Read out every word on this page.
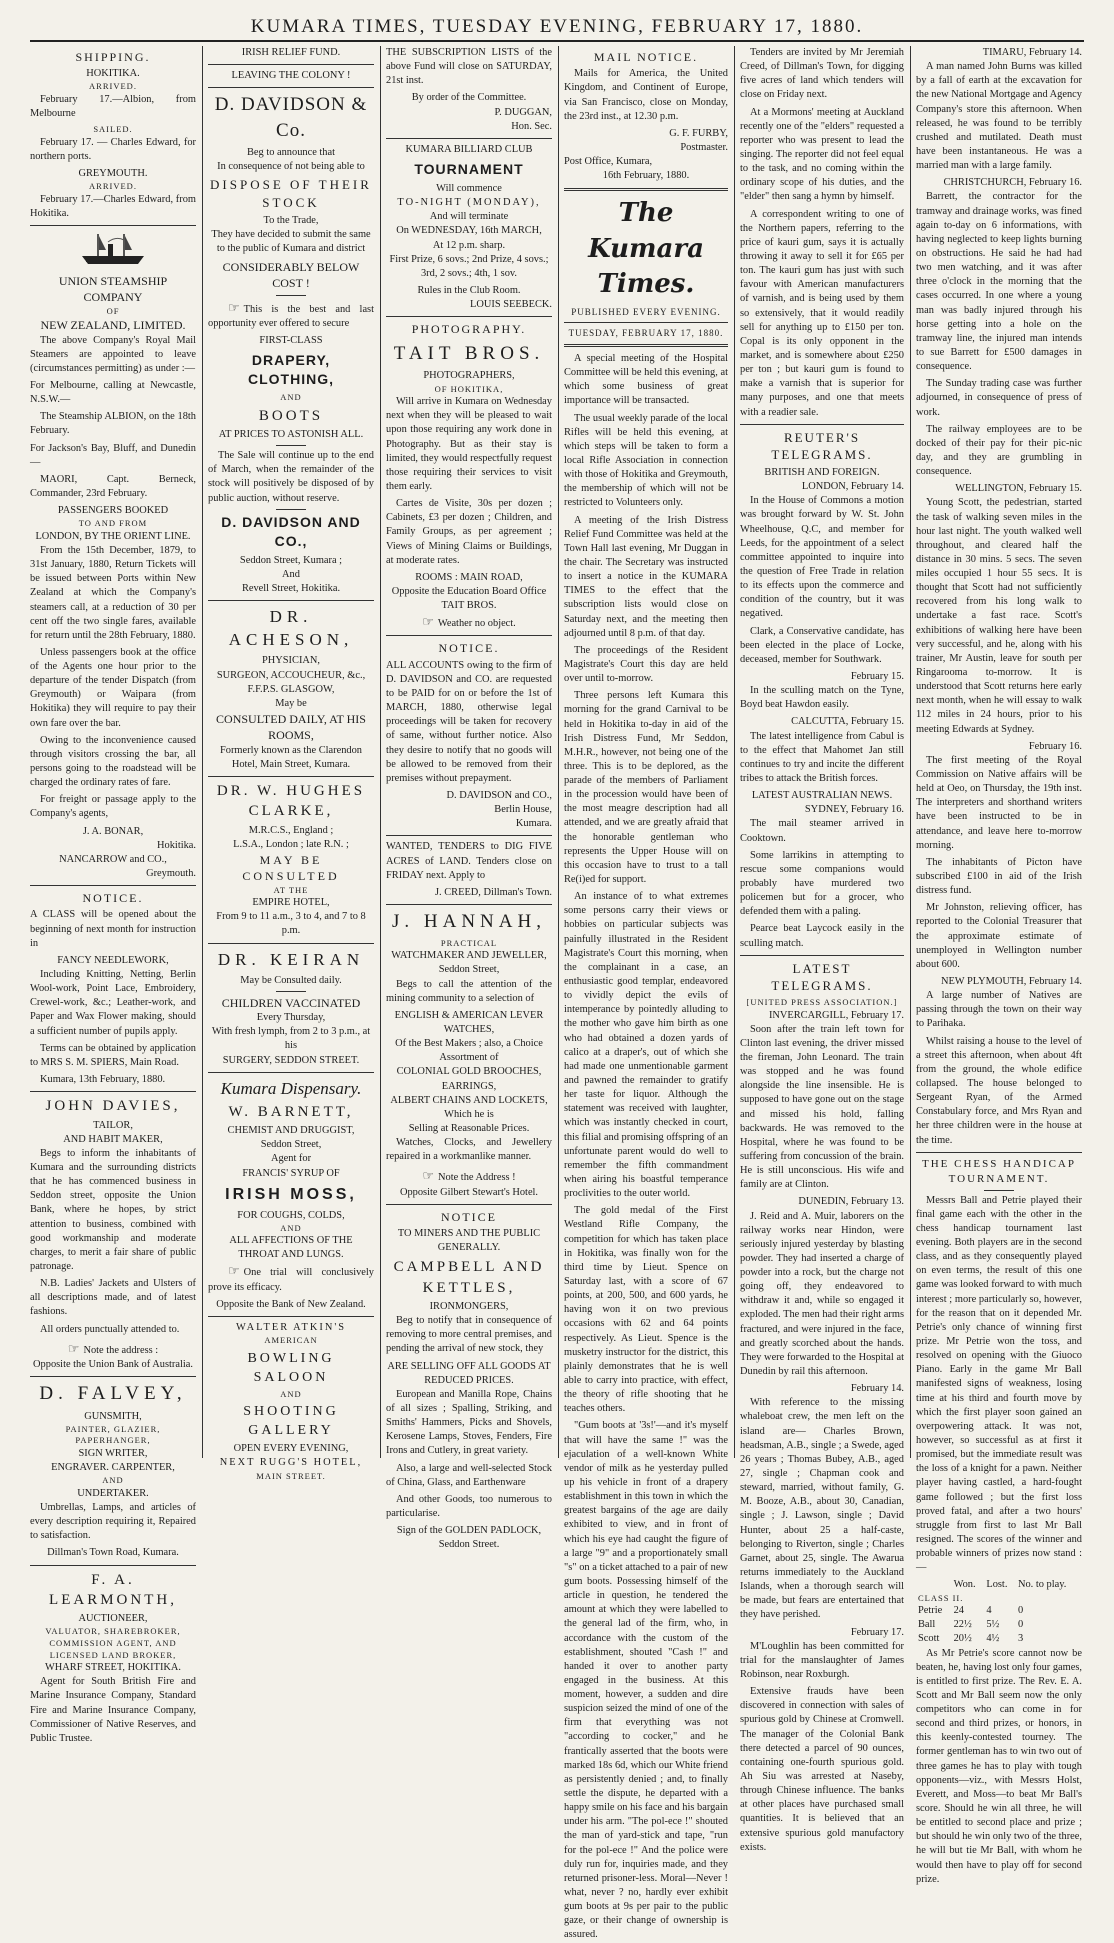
KUMARA TIMES, TUESDAY EVENING, FEBRUARY 17, 1880.
SHIPPING.
HOKITIKA.
ARRIVED.

February 17.—Albion, from Melbourne

SAILED.

February 17. — Charles Edward, for northern ports.

GREYMOUTH.
ARRIVED.

February 17.—Charles Edward, from Hokitika.

UNION STEAMSHIP COMPANY
OF
NEW ZEALAND, LIMITED.

The above Company's Royal Mail Steamers are appointed to leave (circumstances permitting) as under :—

For Melbourne, calling at Newcastle, N.S.W.—

The Steamship ALBION, on the 18th February.

For Jackson's Bay, Bluff, and Dunedin—

MAORI, Capt. Berneck, Commander, 23rd February.

PASSENGERS BOOKED
TO AND FROM
LONDON, BY THE ORIENT LINE.

From the 15th December, 1879, to 31st January, 1880, Return Tickets will be issued between Ports within New Zealand at which the Company's steamers call, at a reduction of 30 per cent off the two single fares, available for return until the 28th February, 1880.

Unless passengers book at the office of the Agents one hour prior to the departure of the tender Dispatch (from Greymouth) or Waipara (from Hokitika) they will require to pay their own fare over the bar.

Owing to the inconvenience caused through visitors crossing the bar, all persons going to the roadstead will be charged the ordinary rates of fare.

For freight or passage apply to the Company's agents,

J. A. BONAR,
Hokitika.
NANCARROW and CO.,
Greymouth.
NOTICE.

A CLASS will be opened about the beginning of next month for instruction in

FANCY NEEDLEWORK,

Including Knitting, Netting, Berlin Wool-work, Point Lace, Embroidery, Crewel-work, &c.; Leather-work, and Paper and Wax Flower making, should a sufficient number of pupils apply.

Terms can be obtained by application to MRS S. M. SPIERS, Main Road.

Kumara, 13th February, 1880.

JOHN DAVIES,
TAILOR,
AND HABIT MAKER,

Begs to inform the inhabitants of Kumara and the surrounding districts that he has commenced business in Seddon street, opposite the Union Bank, where he hopes, by strict attention to business, combined with good workmanship and moderate charges, to merit a fair share of public patronage.

N.B. Ladies' Jackets and Ulsters of all descriptions made, and of latest fashions.

All orders punctually attended to.

☞ Note the address :
Opposite the Union Bank of Australia.
D. FALVEY,
GUNSMITH,
PAINTER, GLAZIER, PAPERHANGER,
SIGN WRITER,
ENGRAVER. CARPENTER,
AND
UNDERTAKER.

Umbrellas, Lamps, and articles of every description requiring it, Repaired to satisfaction.

Dillman's Town Road, Kumara.
F. A. LEARMONTH,
AUCTIONEER,
VALUATOR, SHAREBROKER, COMMISSION AGENT, AND
LICENSED LAND BROKER,
WHARF STREET, HOKITIKA.

Agent for South British Fire and Marine Insurance Company, Standard Fire and Marine Insurance Company, Commissioner of Native Reserves, and Public Trustee.

IRISH RELIEF FUND.
LEAVING THE COLONY !
D. DAVIDSON & Co.
Beg to announce that
In consequence of not being able to
DISPOSE OF THEIR STOCK
To the Trade,

They have decided to submit the same to the public of Kumara and district

CONSIDERABLY BELOW COST !

☞ This is the best and last opportunity ever offered to secure

FIRST-CLASS
DRAPERY, CLOTHING,
AND
BOOTS
AT PRICES TO ASTONISH ALL.

The Sale will continue up to the end of March, when the remainder of the stock will positively be disposed of by public auction, without reserve.

D. DAVIDSON AND CO.,
Seddon Street, Kumara ;
And
Revell Street, Hokitika.
DR. ACHESON,
PHYSICIAN,
SURGEON, ACCOUCHEUR, &c.,
F.F.P.S. GLASGOW,
May be
CONSULTED DAILY, AT HIS ROOMS,

Formerly known as the Clarendon Hotel, Main Street, Kumara.

DR. W. HUGHES CLARKE,
M.R.C.S., England ;
L.S.A., London ; late R.N. ;
MAY BE CONSULTED
AT THE
EMPIRE HOTEL,
From 9 to 11 a.m., 3 to 4, and 7 to 8 p.m.
DR. KEIRAN
May be Consulted daily.
CHILDREN VACCINATED
Every Thursday,
With fresh lymph, from 2 to 3 p.m., at his
SURGERY, SEDDON STREET.
Kumara Dispensary.
W. BARNETT,
CHEMIST AND DRUGGIST,
Seddon Street,
Agent for
FRANCIS' SYRUP OF
IRISH MOSS,
FOR COUGHS, COLDS,
AND
ALL AFFECTIONS OF THE THROAT AND LUNGS.

☞ One trial will conclusively prove its efficacy.

Opposite the Bank of New Zealand.
WALTER ATKIN'S
AMERICAN
BOWLING SALOON
AND
SHOOTING GALLERY
OPEN EVERY EVENING,
NEXT RUGG'S HOTEL,
MAIN STREET.

THE SUBSCRIPTION LISTS of the above Fund will close on SATURDAY, 21st inst.

By order of the Committee.
P. DUGGAN,
Hon. Sec.
KUMARA BILLIARD CLUB
TOURNAMENT
Will commence
TO-NIGHT (MONDAY),
And will terminate
On WEDNESDAY, 16th MARCH,
At 12 p.m. sharp.

First Prize, 6 sovs.; 2nd Prize, 4 sovs.; 3rd, 2 sovs.; 4th, 1 sov.

Rules in the Club Room.
LOUIS SEEBECK.
PHOTOGRAPHY.
TAIT BROS.
PHOTOGRAPHERS,
OF HOKITIKA,

Will arrive in Kumara on Wednesday next when they will be pleased to wait upon those requiring any work done in Photography. But as their stay is limited, they would respectfully request those requiring their services to visit them early.

Cartes de Visite, 30s per dozen ; Cabinets, £3 per dozen ; Children, and Family Groups, as per agreement ; Views of Mining Claims or Buildings, at moderate rates.

ROOMS : MAIN ROAD,
Opposite the Education Board Office
TAIT BROS.
☞ Weather no object.
NOTICE.

ALL ACCOUNTS owing to the firm of D. DAVIDSON and CO. are requested to be PAID for on or before the 1st of MARCH, 1880, otherwise legal proceedings will be taken for recovery of same, without further notice. Also they desire to notify that no goods will be allowed to be removed from their premises without prepayment.

D. DAVIDSON and CO.,
Berlin House,
Kumara.

WANTED, TENDERS to DIG FIVE ACRES of LAND. Tenders close on FRIDAY next. Apply to

J. CREED, Dillman's Town.
J. HANNAH,
PRACTICAL
WATCHMAKER AND JEWELLER,
Seddon Street,

Begs to call the attention of the mining community to a selection of

ENGLISH & AMERICAN LEVER WATCHES,
Of the Best Makers ; also, a Choice Assortment of
COLONIAL GOLD BROOCHES, EARRINGS,
ALBERT CHAINS AND LOCKETS,
Which he is
Selling at Reasonable Prices.

Watches, Clocks, and Jewellery repaired in a workmanlike manner.

☞ Note the Address !
Opposite Gilbert Stewart's Hotel.
NOTICE
TO MINERS AND THE PUBLIC GENERALLY.
CAMPBELL AND KETTLES,
IRONMONGERS,

Beg to notify that in consequence of removing to more central premises, and pending the arrival of new stock, they

ARE SELLING OFF ALL GOODS AT REDUCED PRICES.

European and Manilla Rope, Chains of all sizes ; Spalling, Striking, and Smiths' Hammers, Picks and Shovels, Kerosene Lamps, Stoves, Fenders, Fire Irons and Cutlery, in great variety.

Also, a large and well-selected Stock of China, Glass, and Earthenware

And other Goods, too numerous to particularise.

Sign of the GOLDEN PADLOCK, Seddon Street.
MAIL NOTICE.

Mails for America, the United Kingdom, and Continent of Europe, via San Francisco, close on Monday, the 23rd inst., at 12.30 p.m.

G. F. FURBY,
Postmaster.
Post Office, Kumara,
16th February, 1880.
The Kumara Times.
PUBLISHED EVERY EVENING.
TUESDAY, FEBRUARY 17, 1880.

A special meeting of the Hospital Committee will be held this evening, at which some business of great importance will be transacted.

The usual weekly parade of the local Rifles will be held this evening, at which steps will be taken to form a local Rifle Association in connection with those of Hokitika and Greymouth, the membership of which will not be restricted to Volunteers only.

A meeting of the Irish Distress Relief Fund Committee was held at the Town Hall last evening, Mr Duggan in the chair. The Secretary was instructed to insert a notice in the KUMARA TIMES to the effect that the subscription lists would close on Saturday next, and the meeting then adjourned until 8 p.m. of that day.

The proceedings of the Resident Magistrate's Court this day are held over until to-morrow.

Three persons left Kumara this morning for the grand Carnival to be held in Hokitika to-day in aid of the Irish Distress Fund, Mr Seddon, M.H.R., however, not being one of the three. This is to be deplored, as the parade of the members of Parliament in the procession would have been of the most meagre description had all attended, and we are greatly afraid that the honorable gentleman who represents the Upper House will on this occasion have to trust to a tall Re(i)ed for support.

An instance of to what extremes some persons carry their views or hobbies on particular subjects was painfully illustrated in the Resident Magistrate's Court this morning, when the complainant in a case, an enthusiastic good templar, endeavored to vividly depict the evils of intemperance by pointedly alluding to the mother who gave him birth as one who had obtained a dozen yards of calico at a draper's, out of which she had made one unmentionable garment and pawned the remainder to gratify her taste for liquor. Although the statement was received with laughter, which was instantly checked in court, this filial and promising offspring of an unfortunate parent would do well to remember the fifth commandment when airing his boastful temperance proclivities to the outer world.

The gold medal of the First Westland Rifle Company, the competition for which has taken place in Hokitika, was finally won for the third time by Lieut. Spence on Saturday last, with a score of 67 points, at 200, 500, and 600 yards, he having won it on two previous occasions with 62 and 64 points respectively. As Lieut. Spence is the musketry instructor for the district, this plainly demonstrates that he is well able to carry into practice, with effect, the theory of rifle shooting that he teaches others.

"Gum boots at '3s!'—and it's myself that will have the same !" was the ejaculation of a well-known White vendor of milk as he yesterday pulled up his vehicle in front of a drapery establishment in this town in which the greatest bargains of the age are daily exhibited to view, and in front of which his eye had caught the figure of a large "9" and a proportionately small "s" on a ticket attached to a pair of new gum boots. Possessing himself of the article in question, he tendered the amount at which they were labelled to the general lad of the firm, who, in accordance with the custom of the establishment, shouted "Cash !" and handed it over to another party engaged in the business. At this moment, however, a sudden and dire suspicion seized the mind of one of the firm that everything was not "according to cocker," and he frantically asserted that the boots were marked 18s 6d, which our White friend as persistently denied ; and, to finally settle the dispute, he departed with a happy smile on his face and his bargain under his arm. "The pol-ece !" shouted the man of yard-stick and tape, "run for the pol-ece !" And the police were duly run for, inquiries made, and they returned prisoner-less. Moral—Never ! what, never ? no, hardly ever exhibit gum boots at 9s per pair to the public gaze, or their change of ownership is assured.

Tenders are invited by Mr Jeremiah Creed, of Dillman's Town, for digging five acres of land which tenders will close on Friday next.

At a Mormons' meeting at Auckland recently one of the "elders" requested a reporter who was present to lead the singing. The reporter did not feel equal to the task, and no coming within the ordinary scope of his duties, and the "elder" then sang a hymn by himself.

A correspondent writing to one of the Northern papers, referring to the price of kauri gum, says it is actually throwing it away to sell it for £65 per ton. The kauri gum has just with such favour with American manufacturers of varnish, and is being used by them so extensively, that it would readily sell for anything up to £150 per ton. Copal is its only opponent in the market, and is somewhere about £250 per ton ; but kauri gum is found to make a varnish that is superior for many purposes, and one that meets with a readier sale.

REUTER'S TELEGRAMS.
BRITISH AND FOREIGN.
LONDON, February 14.

In the House of Commons a motion was brought forward by W. St. John Wheelhouse, Q.C, and member for Leeds, for the appointment of a select committee appointed to inquire into the question of Free Trade in relation to its effects upon the commerce and condition of the country, but it was negatived.

Clark, a Conservative candidate, has been elected in the place of Locke, deceased, member for Southwark.

February 15.

In the sculling match on the Tyne, Boyd beat Hawdon easily.

CALCUTTA, February 15.

The latest intelligence from Cabul is to the effect that Mahomet Jan still continues to try and incite the different tribes to attack the British forces.

LATEST AUSTRALIAN NEWS.
SYDNEY, February 16.

The mail steamer arrived in Cooktown.

Some larrikins in attempting to rescue some companions would probably have murdered two policemen but for a grocer, who defended them with a paling.

Pearce beat Laycock easily in the sculling match.

LATEST TELEGRAMS.
[UNITED PRESS ASSOCIATION.]
INVERCARGILL, February 17.

Soon after the train left town for Clinton last evening, the driver missed the fireman, John Leonard. The train was stopped and he was found alongside the line insensible. He is supposed to have gone out on the stage and missed his hold, falling backwards. He was removed to the Hospital, where he was found to be suffering from concussion of the brain. He is still unconscious. His wife and family are at Clinton.

DUNEDIN, February 13.

J. Reid and A. Muir, laborers on the railway works near Hindon, were seriously injured yesterday by blasting powder. They had inserted a charge of powder into a rock, but the charge not going off, they endeavored to withdraw it and, while so engaged it exploded. The men had their right arms fractured, and were injured in the face, and greatly scorched about the hands. They were forwarded to the Hospital at Dunedin by rail this afternoon.

February 14.

With reference to the missing whaleboat crew, the men left on the island are— Charles Brown, headsman, A.B., single ; a Swede, aged 26 years ; Thomas Bubey, A.B., aged 27, single ; Chapman cook and steward, married, without family, G. M. Booze, A.B., about 30, Canadian, single ; J. Lawson, single ; David Hunter, about 25 a half-caste, belonging to Riverton, single ; Charles Garnet, about 25, single. The Awarua returns immediately to the Auckland Islands, when a thorough search will be made, but fears are entertained that they have perished.

February 17.

M'Loughlin has been committed for trial for the manslaughter of James Robinson, near Roxburgh.

Extensive frauds have been discovered in connection with sales of spurious gold by Chinese at Cromwell. The manager of the Colonial Bank there detected a parcel of 90 ounces, containing one-fourth spurious gold. Ah Siu was arrested at Naseby, through Chinese influence. The banks at other places have purchased small quantities. It is believed that an extensive spurious gold manufactory exists.

TIMARU, February 14.

A man named John Burns was killed by a fall of earth at the excavation for the new National Mortgage and Agency Company's store this afternoon. When released, he was found to be terribly crushed and mutilated. Death must have been instantaneous. He was a married man with a large family.

CHRISTCHURCH, February 16.

Barrett, the contractor for the tramway and drainage works, was fined again to-day on 6 informations, with having neglected to keep lights burning on obstructions. He said he had had two men watching, and it was after three o'clock in the morning that the cases occurred. In one where a young man was badly injured through his horse getting into a hole on the tramway line, the injured man intends to sue Barrett for £500 damages in consequence.

The Sunday trading case was further adjourned, in consequence of press of work.

The railway employees are to be docked of their pay for their pic-nic day, and they are grumbling in consequence.

WELLINGTON, February 15.

Young Scott, the pedestrian, started the task of walking seven miles in the hour last night. The youth walked well throughout, and cleared half the distance in 30 mins. 5 secs. The seven miles occupied 1 hour 55 secs. It is thought that Scott had not sufficiently recovered from his long walk to undertake a fast race. Scott's exhibitions of walking here have been very successful, and he, along with his trainer, Mr Austin, leave for south per Ringarooma to-morrow. It is understood that Scott returns here early next month, when he will essay to walk 112 miles in 24 hours, prior to his meeting Edwards at Sydney.

February 16.

The first meeting of the Royal Commission on Native affairs will be held at Oeo, on Thursday, the 19th inst. The interpreters and shorthand writers have been instructed to be in attendance, and leave here to-morrow morning.

The inhabitants of Picton have subscribed £100 in aid of the Irish distress fund.

Mr Johnston, relieving officer, has reported to the Colonial Treasurer that the approximate estimate of unemployed in Wellington number about 600.

NEW PLYMOUTH, February 14.

A large number of Natives are passing through the town on their way to Parihaka.

Whilst raising a house to the level of a street this afternoon, when about 4ft from the ground, the whole edifice collapsed. The house belonged to Sergeant Ryan, of the Armed Constabulary force, and Mrs Ryan and her three children were in the house at the time.

THE CHESS HANDICAP TOURNAMENT.

Messrs Ball and Petrie played their final game each with the other in the chess handicap tournament last evening. Both players are in the second class, and as they consequently played on even terms, the result of this one game was looked forward to with much interest ; more particularly so, however, for the reason that on it depended Mr. Petrie's only chance of winning first prize. Mr Petrie won the toss, and resolved on opening with the Giuoco Piano. Early in the game Mr Ball manifested signs of weakness, losing time at his third and fourth move by which the first player soon gained an overpowering attack. It was not, however, so successful as at first it promised, but the immediate result was the loss of a knight for a pawn. Neither player having castled, a hard-fought game followed ; but the first loss proved fatal, and after a two hours' struggle from first to last Mr Ball resigned. The scores of the winner and probable winners of prizes now stand :—

	Won.	Lost.	No. to play.
CLASS II.			
Petrie	24	4	0
Ball	22½	5½	0
Scott	20½	4½	3

As Mr Petrie's score cannot now be beaten, he, having lost only four games, is entitled to first prize. The Rev. E. A. Scott and Mr Ball seem now the only competitors who can come in for second and third prizes, or honors, in this keenly-contested tourney. The former gentleman has to win two out of three games he has to play with tough opponents—viz., with Messrs Holst, Everett, and Moss—to beat Mr Ball's score. Should he win all three, he will be entitled to second place and prize ; but should he win only two of the three, he will but tie Mr Ball, with whom he would then have to play off for second prize.
